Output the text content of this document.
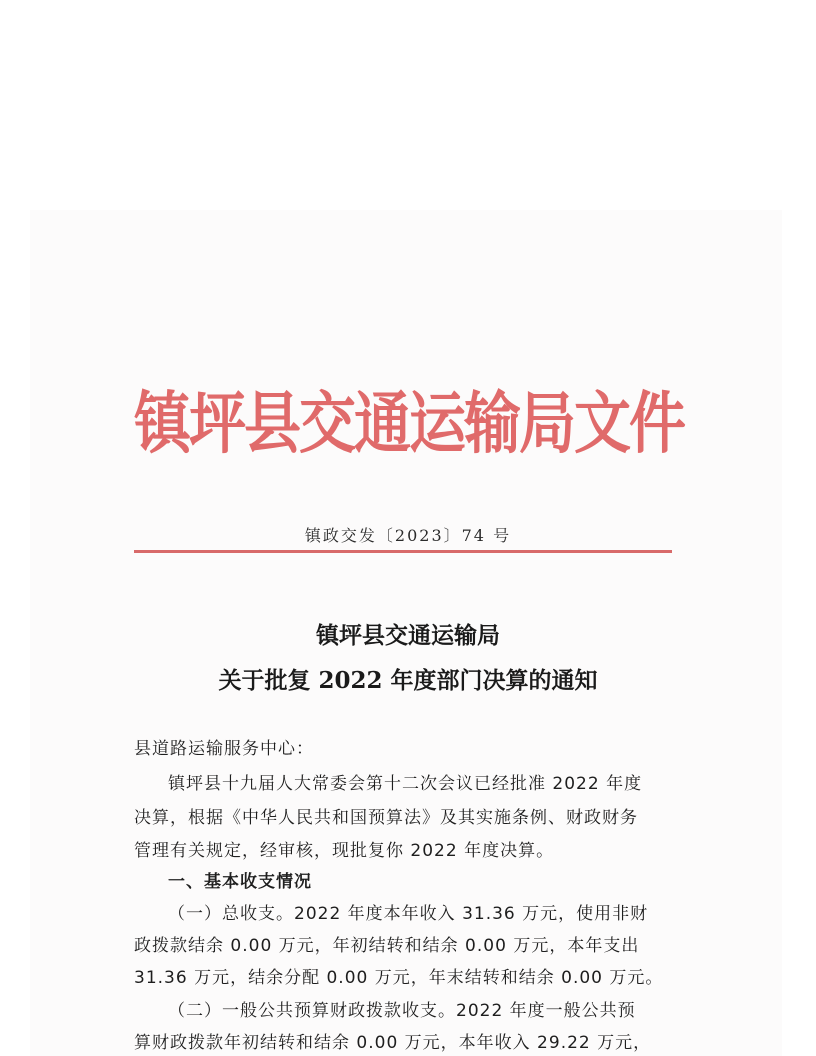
镇坪县交通运输局文件
镇政交发〔2023〕74 号
镇坪县交通运输局
关于批复 2022 年度部门决算的通知
县道路运输服务中心：
镇坪县十九届人大常委会第十二次会议已经批准 2022 年度
决算，根据《中华人民共和国预算法》及其实施条例、财政财务
管理有关规定，经审核，现批复你 2022 年度决算。
一、基本收支情况
（一）总收支。2022 年度本年收入 31.36 万元，使用非财
政拨款结余 0.00 万元，年初结转和结余 0.00 万元，本年支出
31.36 万元，结余分配 0.00 万元，年末结转和结余 0.00 万元。
（二）一般公共预算财政拨款收支。2022 年度一般公共预
算财政拨款年初结转和结余 0.00 万元，本年收入 29.22 万元，
